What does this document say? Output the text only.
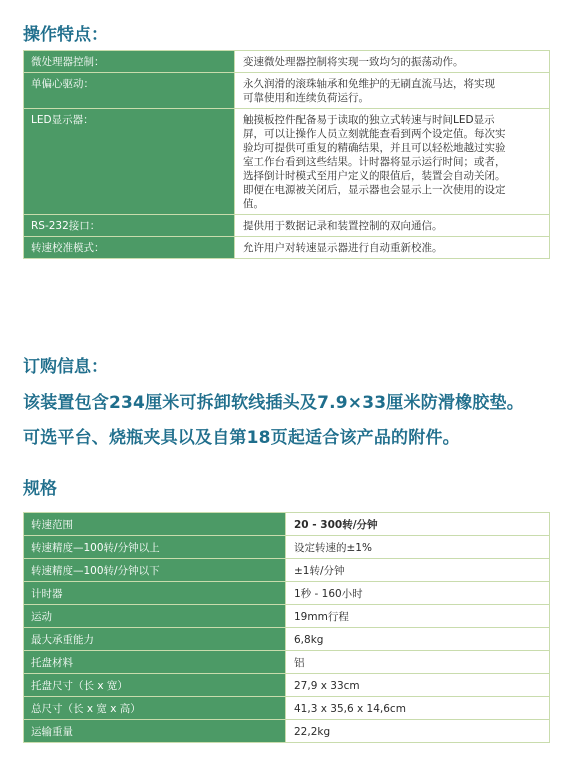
操作特点：
微处理器控制：	变速微处理器控制将实现一致均匀的振荡动作。
单偏心驱动：	永久润滑的滚珠轴承和免维护的无刷直流马达，将实现可靠使用和连续负荷运行。
LED显示器：	触摸板控件配备易于读取的独立式转速与时间LED显示屏，可以让操作人员立刻就能查看到两个设定值。每次实验均可提供可重复的精确结果，并且可以轻松地越过实验室工作台看到这些结果。计时器将显示运行时间；或者，选择倒计时模式至用户定义的限值后，装置会自动关闭。即便在电源被关闭后，显示器也会显示上一次使用的设定值。
RS-232接口：	提供用于数据记录和装置控制的双向通信。
转速校准模式：	允许用户对转速显示器进行自动重新校准。
订购信息：

该装置包含234厘米可拆卸软线插头及7.9×33厘米防滑橡胶垫。

可选平台、烧瓶夹具以及自第18页起适合该产品的附件。

规格
转速范围	20 - 300转/分钟
转速精度—100转/分钟以上	设定转速的±1%
转速精度—100转/分钟以下	±1转/分钟
计时器	1秒 - 160小时
运动	19mm行程
最大承重能力	6,8kg
托盘材料	铝
托盘尺寸（长 x 宽）	27,9 x 33cm
总尺寸（长 x 宽 x 高）	41,3 x 35,6 x 14,6cm
运输重量	22,2kg
